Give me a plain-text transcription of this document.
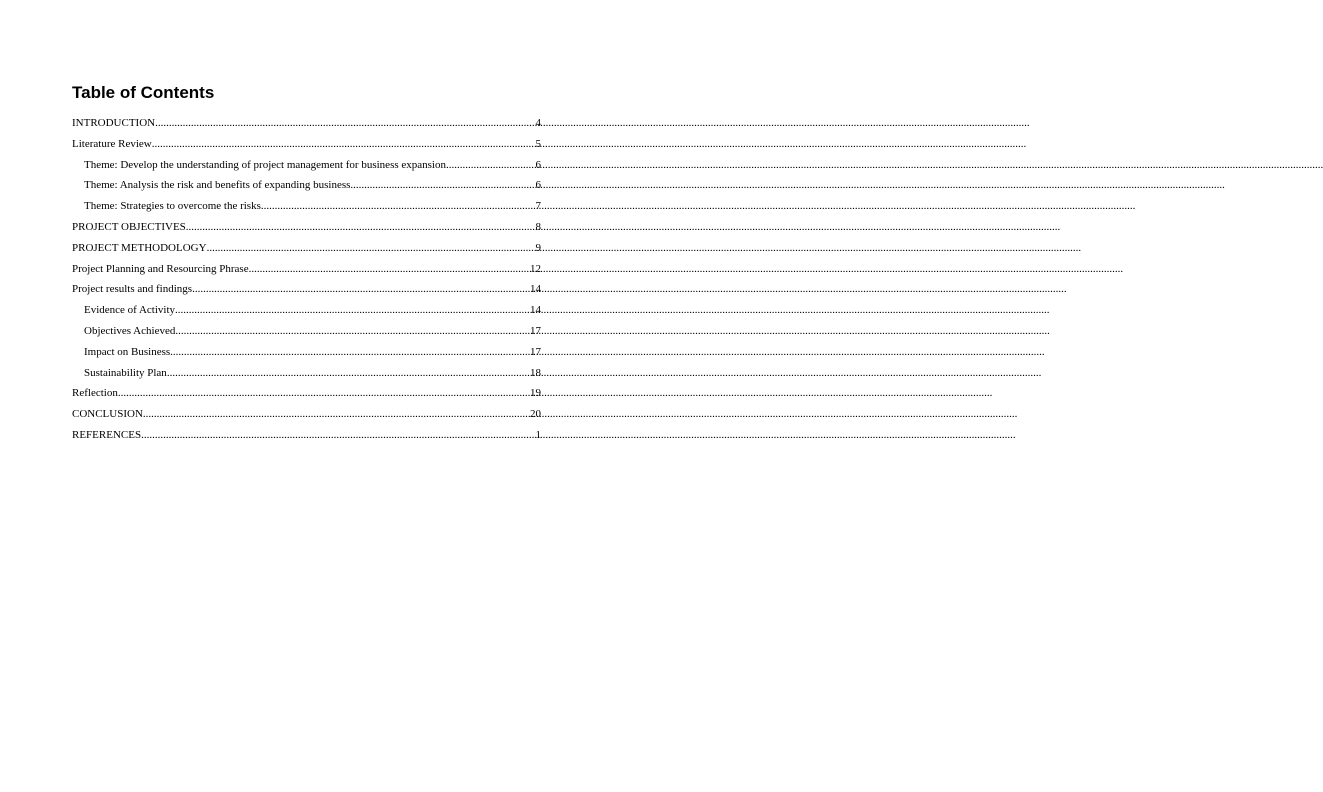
Table of Contents
INTRODUCTION .....	4
Literature Review .....	5
Theme: Develop the understanding of project management for business expansion. .....	6
Theme: Analysis the risk and benefits of expanding business .....	6
Theme: Strategies to overcome the risks .....	7
PROJECT OBJECTIVES .....	8
PROJECT METHODOLOGY .....	9
Project Planning and Resourcing Phrase .....	12
Project results and findings .....	14
Evidence of Activity .....	14
Objectives Achieved .....	17
Impact on Business .....	17
Sustainability Plan .....	18
Reflection .....	19
CONCLUSION .....	20
REFERENCES .....	1
